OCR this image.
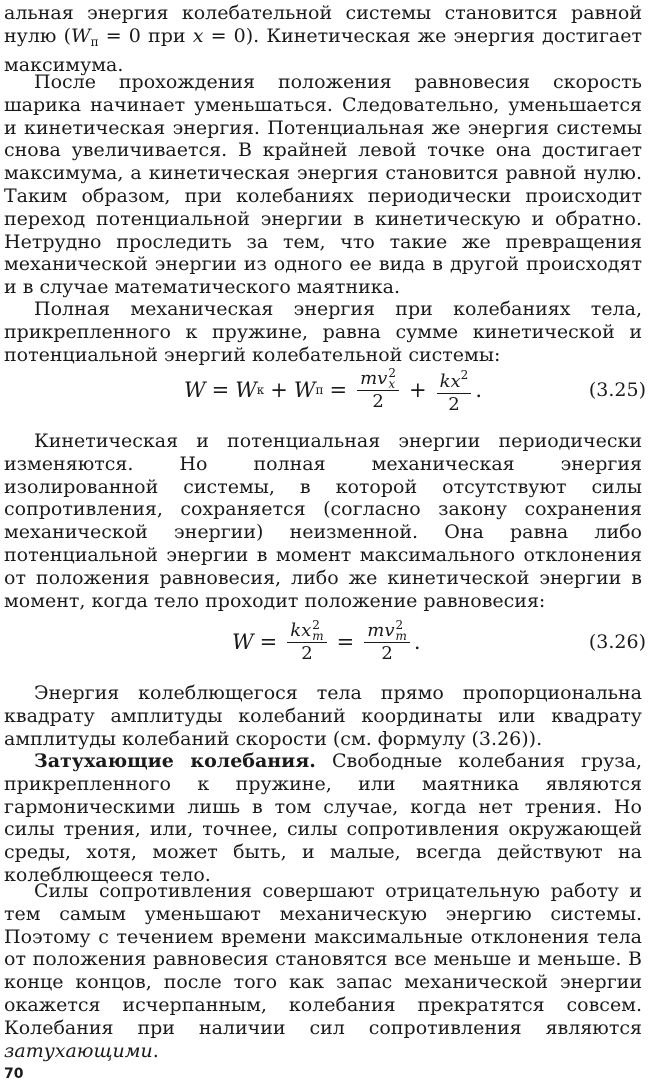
альная энергия колебательной системы становится равной нулю ($W_п = 0$ при x = 0). Кинетическая же энергия достигает максимума.

После прохождения положения равновесия скорость шарика начинает уменьшаться. Следовательно, уменьшается и кинетическая энергия. Потенциальная же энергия системы снова увеличивается. В крайней левой точке она достигает максимума, а кинетическая энергия становится равной нулю. Таким образом, при колебаниях периодически происходит переход потенциальной энергии в кинетическую и обратно. Нетрудно проследить за тем, что такие же превращения механической энергии из одного ее вида в другой происходят и в случае математического маятника.

Полная механическая энергия при колебаниях тела, прикрепленного к пружине, равна сумме кинетической и потенциальной энергий колебательной системы:

W = W к + W п = mv 2
x
$2 + \frac{kx^2}{2}$ .	(3.25)

Кинетическая и потенциальная энергии периодически изменяются. Но полная механическая энергия изолированной системы, в которой отсутствуют силы сопротивления, сохраняется (согласно закону сохранения механической энергии) неизменной. Она равна либо потенциальной энергии в момент максимального отклонения от положения равновесия, либо же кинетической энергии в момент, когда тело проходит положение равновесия:

W = kx 2
m
2 = mv 2
m
2 .	(3.26)

Энергия колеблющегося тела прямо пропорциональна квадрату амплитуды колебаний координаты или квадрату амплитуды колебаний скорости (см. формулу (3.26)).

Затухающие колебания. Свободные колебания груза, прикрепленного к пружине, или маятника являются гармоническими лишь в том случае, когда нет трения. Но силы трения, или, точнее, силы сопротивления окружающей среды, хотя, может быть, и малые, всегда действуют на колеблющееся тело.

Силы сопротивления совершают отрицательную работу и тем самым уменьшают механическую энергию системы. Поэтому с течением времени максимальные отклонения тела от положения равновесия становятся все меньше и меньше. В конце концов, после того как запас механической энергии окажется исчерпанным, колебания прекратятся совсем. Колебания при наличии сил сопротивления являются затухающими.

70
